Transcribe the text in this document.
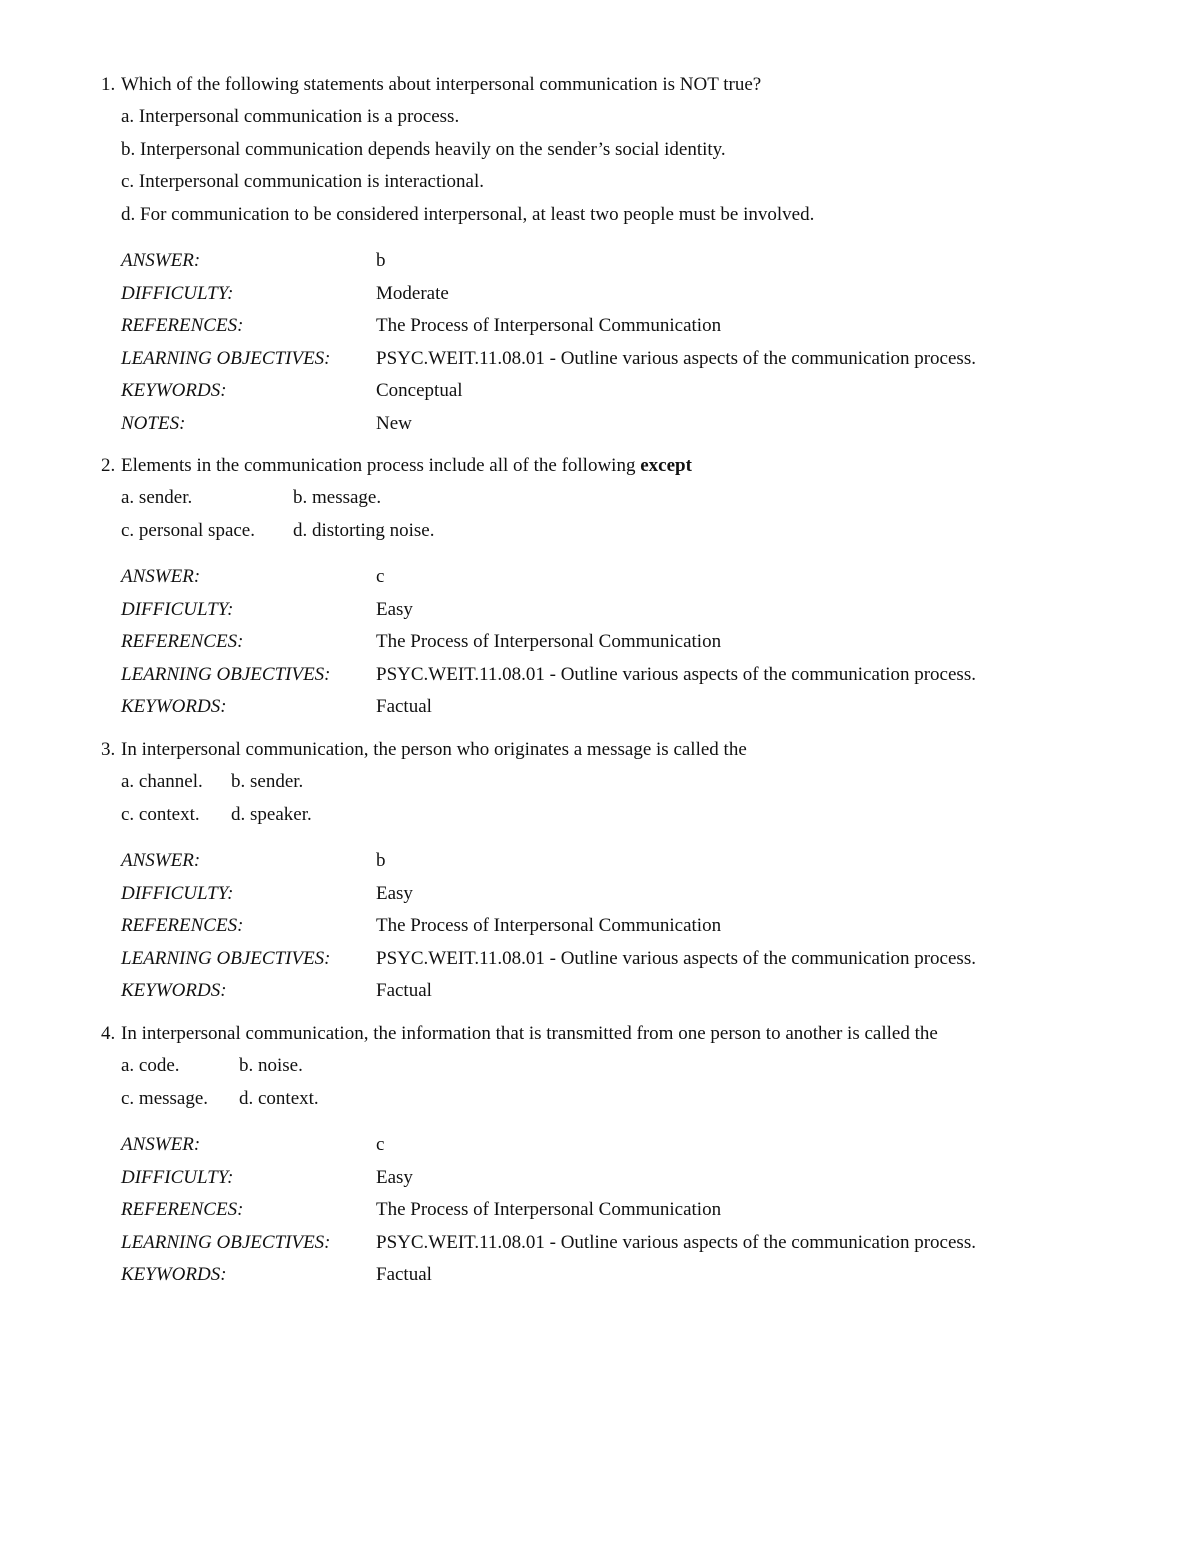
1. Which of the following statements about interpersonal communication is NOT true?
a. Interpersonal communication is a process.
b. Interpersonal communication depends heavily on the sender’s social identity.
c. Interpersonal communication is interactional.
d. For communication to be considered interpersonal, at least two people must be involved.
ANSWER:	b
DIFFICULTY:	Moderate
REFERENCES:	The Process of Interpersonal Communication
LEARNING OBJECTIVES:	PSYC.WEIT.11.08.01 - Outline various aspects of the communication process.
KEYWORDS:	Conceptual
NOTES:	New
2. Elements in the communication process include all of the following except
a. sender.	b. message.
c. personal space.	d. distorting noise.
ANSWER:	c
DIFFICULTY:	Easy
REFERENCES:	The Process of Interpersonal Communication
LEARNING OBJECTIVES:	PSYC.WEIT.11.08.01 - Outline various aspects of the communication process.
KEYWORDS:	Factual
3. In interpersonal communication, the person who originates a message is called the
a. channel.	b. sender.
c. context.	d. speaker.
ANSWER:	b
DIFFICULTY:	Easy
REFERENCES:	The Process of Interpersonal Communication
LEARNING OBJECTIVES:	PSYC.WEIT.11.08.01 - Outline various aspects of the communication process.
KEYWORDS:	Factual
4. In interpersonal communication, the information that is transmitted from one person to another is called the
a. code.	b. noise.
c. message.	d. context.
ANSWER:	c
DIFFICULTY:	Easy
REFERENCES:	The Process of Interpersonal Communication
LEARNING OBJECTIVES:	PSYC.WEIT.11.08.01 - Outline various aspects of the communication process.
KEYWORDS:	Factual
